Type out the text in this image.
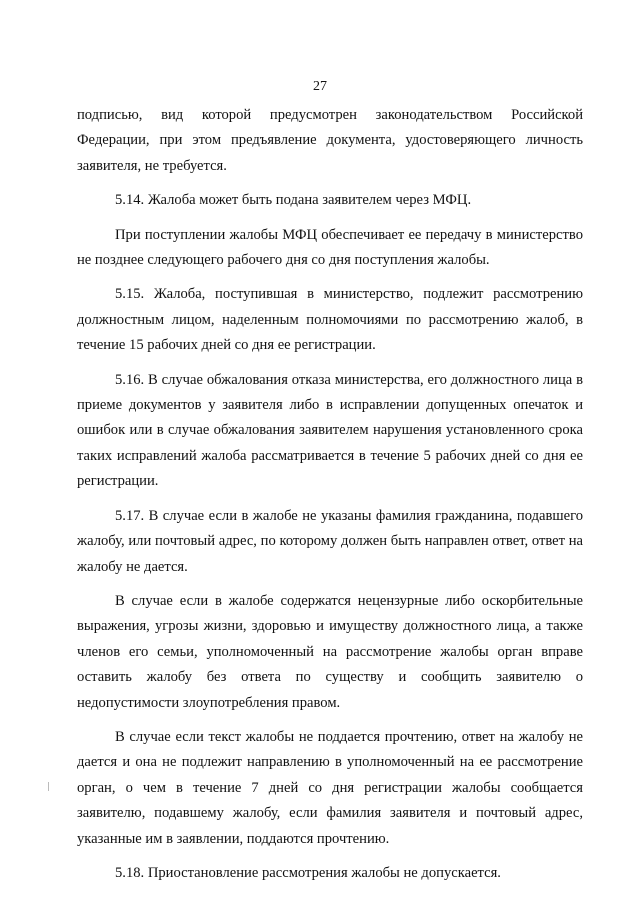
27

подписью, вид которой предусмотрен законодательством Российской Федерации, при этом предъявление документа, удостоверяющего личность заявителя, не требуется.

5.14. Жалоба может быть подана заявителем через МФЦ.

При поступлении жалобы МФЦ обеспечивает ее передачу в министерство не позднее следующего рабочего дня со дня поступления жалобы.

5.15. Жалоба, поступившая в министерство, подлежит рассмотрению должностным лицом, наделенным полномочиями по рассмотрению жалоб, в течение 15 рабочих дней со дня ее регистрации.

5.16. В случае обжалования отказа министерства, его должностного лица в приеме документов у заявителя либо в исправлении допущенных опечаток и ошибок или в случае обжалования заявителем нарушения установленного срока таких исправлений жалоба рассматривается в течение 5 рабочих дней со дня ее регистрации.

5.17. В случае если в жалобе не указаны фамилия гражданина, подавшего жалобу, или почтовый адрес, по которому должен быть направлен ответ, ответ на жалобу не дается.

В случае если в жалобе содержатся нецензурные либо оскорбительные выражения, угрозы жизни, здоровью и имуществу должностного лица, а также членов его семьи, уполномоченный на рассмотрение жалобы орган вправе оставить жалобу без ответа по существу и сообщить заявителю о недопустимости злоупотребления правом.

В случае если текст жалобы не поддается прочтению, ответ на жалобу не дается и она не подлежит направлению в уполномоченный на ее рассмотрение орган, о чем в течение 7 дней со дня регистрации жалобы сообщается заявителю, подавшему жалобу, если фамилия заявителя и почтовый адрес, указанные им в заявлении, поддаются прочтению.

5.18. Приостановление рассмотрения жалобы не допускается.
